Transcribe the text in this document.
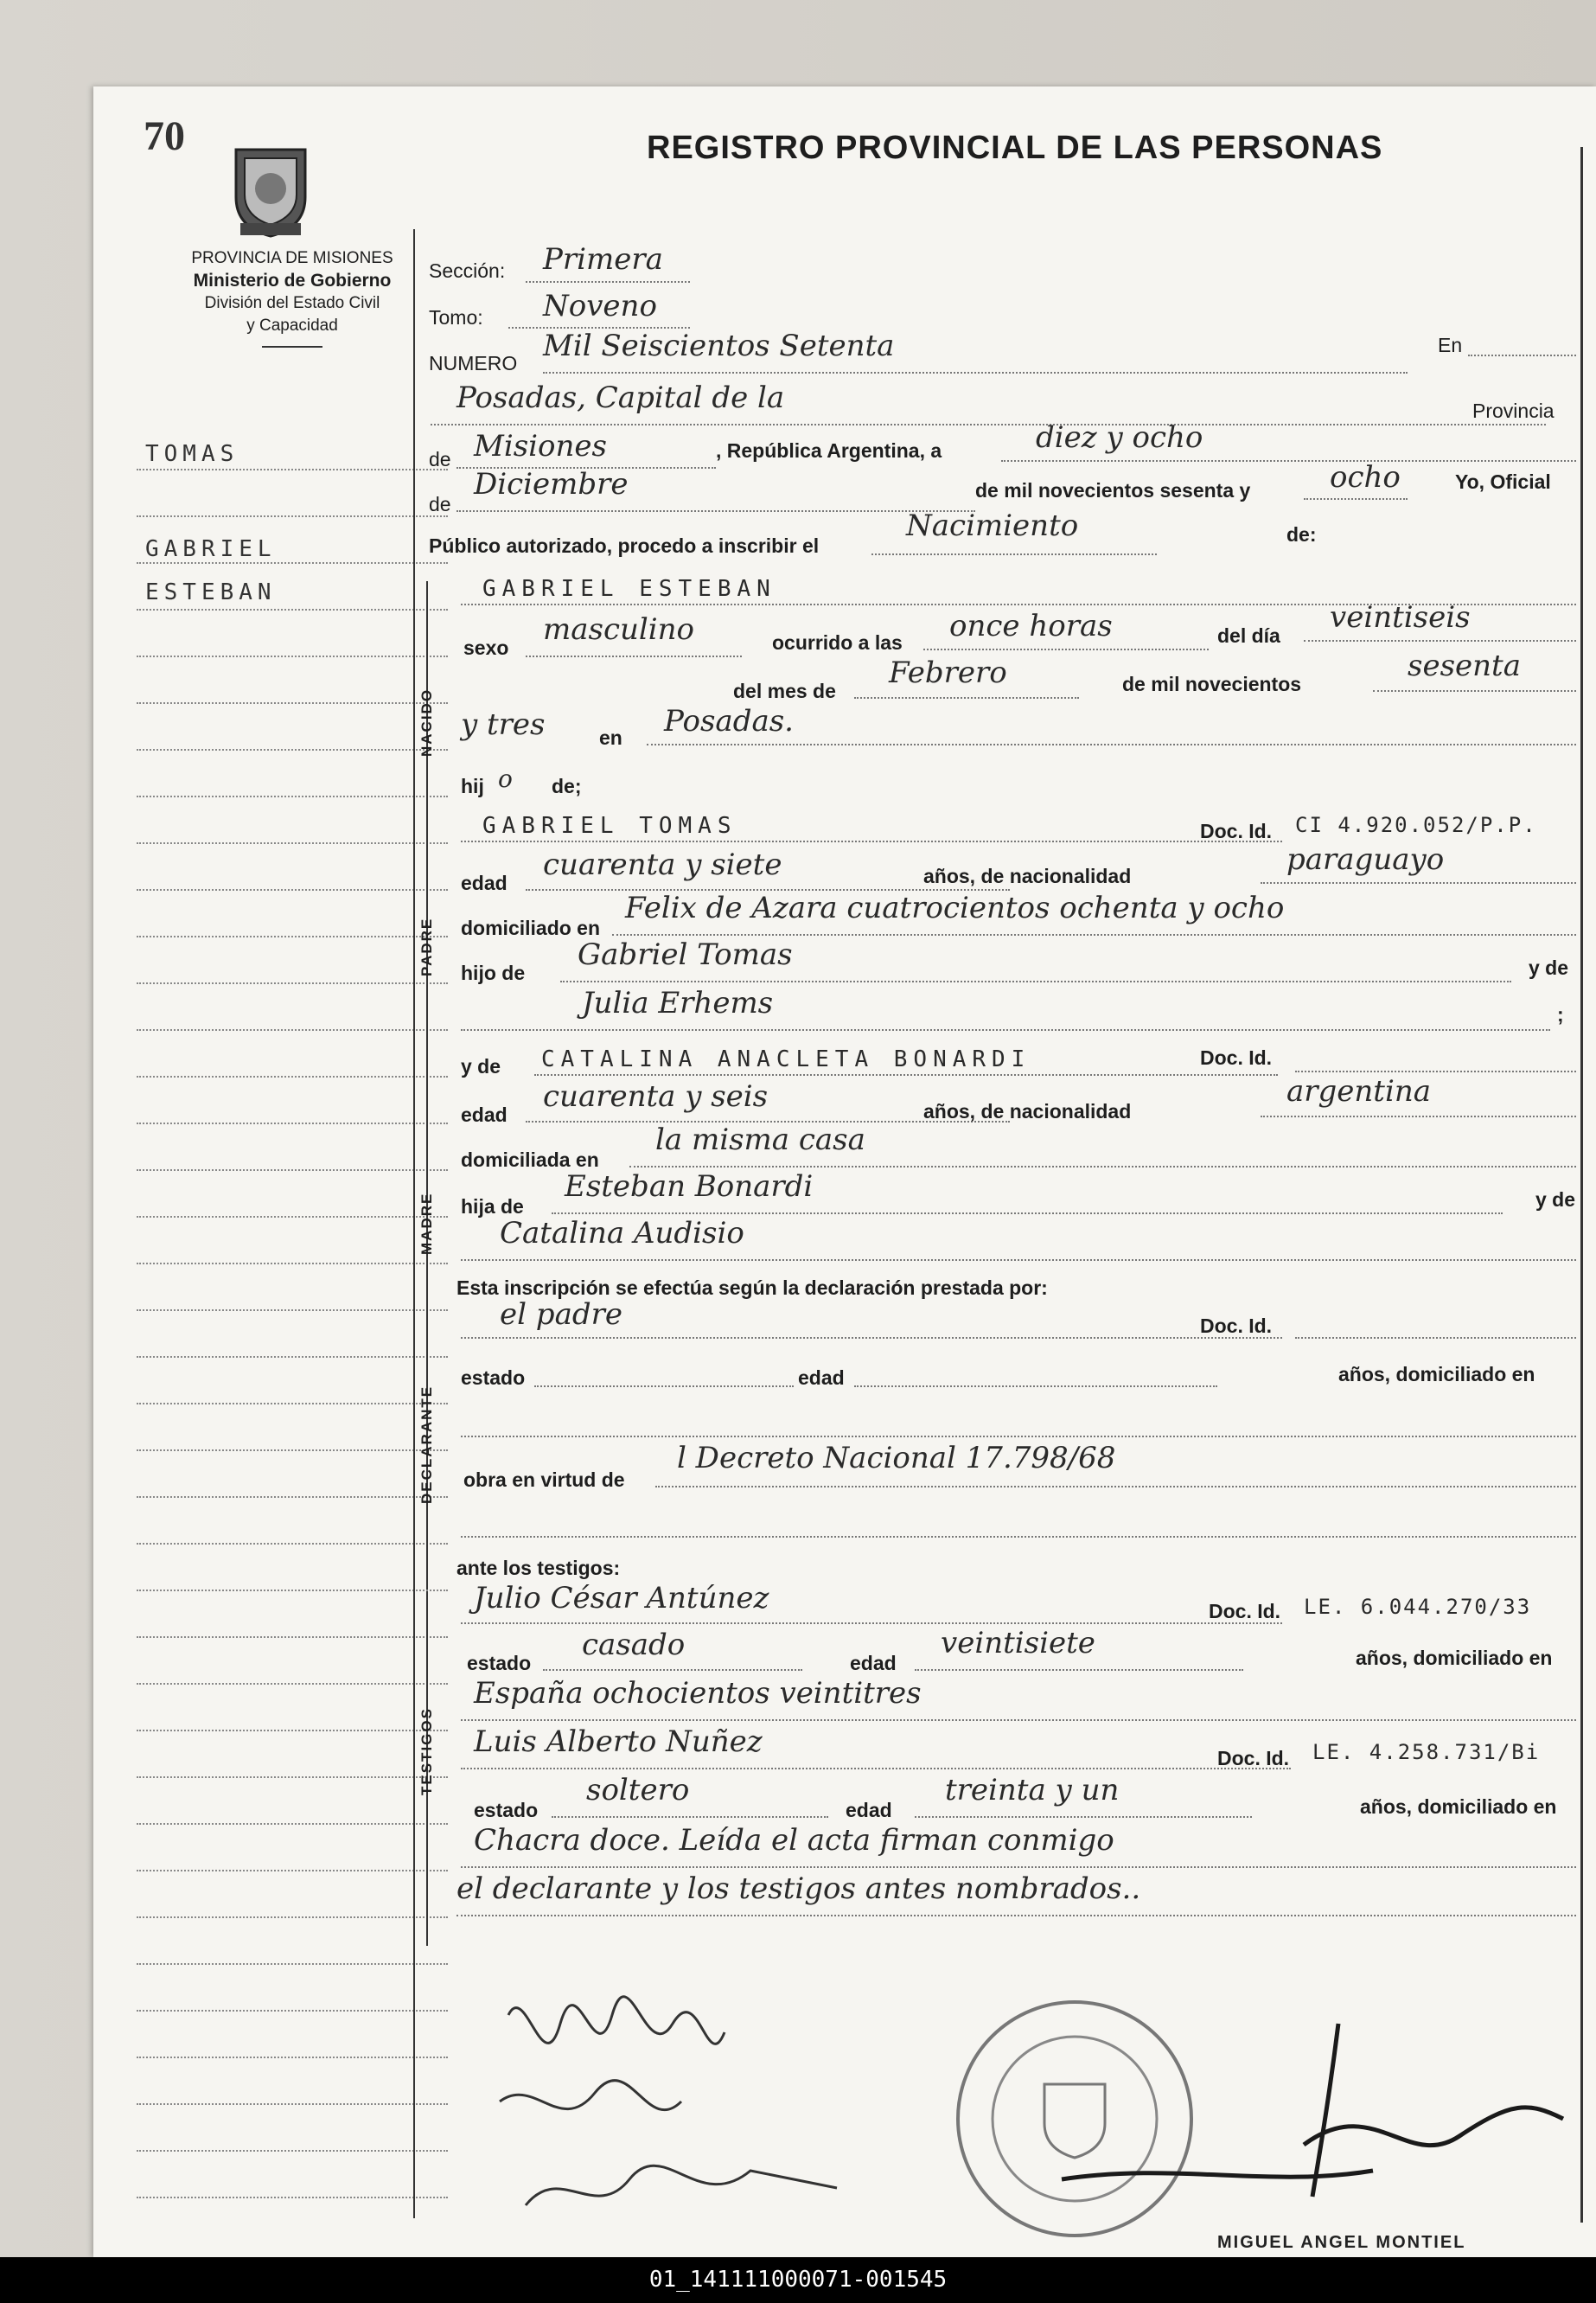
70	REGISTRO PROVINCIAL DE LAS PERSONAS
PROVINCIA DE MISIONES
Ministerio de Gobierno
División del Estado Civil
y Capacidad
TOMAS
GABRIEL
ESTEBAN
Sección: Primera
Tomo: Noveno
NUMERO Mil Seiscientos Setenta	En
Posadas, Capital de la	Provincia
de Misiones	, República Argentina, a	diez y ocho
de
Diciembre	de mil novecientos sesenta y	ocho	Yo, Oficial
Público autorizado, procedo a inscribir el
Nacimiento	de:
NACIDO
GABRIEL ESTEBAN
sexo
masculino	ocurrido a las once horas	del día
veintiseis
del mes de
Febrero	de mil novecientos
sesenta
y tres	en Posadas.
hij o de;
PADRE
GABRIEL TOMAS	Doc. Id. CI 4.920.052/P.P.
edad
cuarenta y siete	años, de nacionalidad	paraguayo
domiciliado en
Felix de Azara cuatrocientos ochenta y ocho
hijo de
Gabriel Tomas	y de
Julia Erhems	;
MADRE
y de CATALINA ANACLETA BONARDI	Doc. Id.
edad
cuarenta y seis	años, de nacionalidad
argentina
domiciliada en
la misma casa
hija de
Esteban Bonardi	y de
Catalina Audisio
Esta inscripción se efectúa según la declaración prestada por:
DECLARANTE
el padre	Doc. Id.
estado	edad	años, domiciliado en
obra en virtud de
l Decreto Nacional 17.798/68
ante los testigos:
TESTIGOS
Julio César Antúnez	Doc. Id. LE. 6.044.270/33
estado
casado
edad
veintisiete	años, domiciliado en
España ochocientos veintitres
Luis Alberto Nuñez	Doc. Id. LE. 4.258.731/Bi
estado
soltero
edad
treinta y un	años, domiciliado en
Chacra doce. Leída el acta firman conmigo
el declarante y los testigos antes nombrados..
MIGUEL ANGEL MONTIEL
01_141111000071-001545
